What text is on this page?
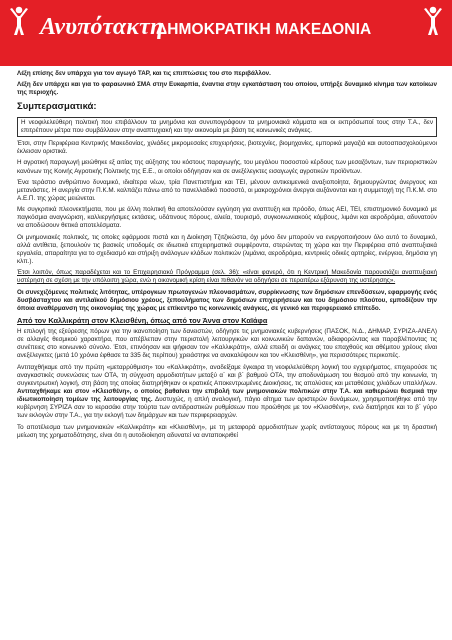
Ανυπότακτη
ΔΗΜΟΚΡΑΤΙΚΗ ΜΑΚΕΔΟΝΙΑ

Λέξη επίσης δεν υπάρχει για τον αγωγό TAP, και τις επιπτώσεις του στο περιβάλλον.

Λέξη δεν υπάρχει και για το φαραωνικό ΣΜΑ στην Ευκαρπία, έναντια στην εγκατάσταση του οποίου, υπήρξε δυναμικό κίνημα των κατοίκων της περιοχής.

Συμπερασματικά:

Η νεοφιλελεύθερη πολιτική που επιβάλλουν τα μνημόνια και συνυπογράφουν τα μνημονιακά κόμματα και οι εκπρόσωποί τους στην Τ.Α., δεν επιτρέπουν μέτρα που συμβάλλουν στην αναπτυχιακή και την οικονομία με βάση τις κοινωνικές ανάγκες.

Έτσι, στην Περιφέρεια Κεντρικής Μακεδονίας, χιλιάδες μικρομεσαίες επιχειρήσεις, βιοτεχνίες, βιομηχανίες, εμπορικά μαγαζιά και αυτοαπασχολούμενοι έκλεισαν οριστικά.

Η αγροτική παραγωγή μειώθηκε εξ αιτίας της αύξησης του κόστους παραγωγής, του μεγάλου ποσοστού κέρδους των μεσαζόντων, των περιοριστικών κανόνων της Κοινής Αγροτικής Πολιτικής της Ε.Ε., οι οποίοι οδήγησαν και σε ανεξέλεγκτες εισαγωγές αγροτικών προϊόντων.

Ένα τεράστιο ανθρώπινο δυναμικό, ιδιαίτερα νέων, τρία Πανεπιστήμια και ΤΕΙ, μένουν αντικειμενικά αναξιοποίητα, δημιουργώντας άνεργους και μετανάστες. Η ανεργία στην Π.Κ.Μ. καλπάζει πάνω από το πανελλαδικό ποσοστό, οι μακροχρόνιοι άνεργοι αυξάνονται και η συμμετοχή της Π.Κ.Μ. στο Α.Ε.Π. της χώρας μειώνεται.

Με συγκριτικά πλεονεκτήματα, που με άλλη πολιτική θα αποτελούσαν εγγύηση για αναπτυξη και πρόοδο, όπως ΑΕΙ, ΤΕΙ, επιστημονικό δυναμικό με παγκόσμια αναγνώριση, καλλιεργήσιμες εκτάσεις, υδάτινους πόρους, αλιεία, τουρισμό, συγκοινωνιακούς κόμβους, λιμάνι και αεροδρόμια, αδυνατούν να αποδώσουν θετικά αποτελέσματα.

Οι μνημονιακές πολιτικές, τις οποίες εφάρμοσε πιστά και η Διοίκηση Τζιτζικώστα, όχι μόνο δεν μπορούν να ενεργοποιήσουν όλο αυτό το δυναμικό, αλλά αντίθετα, ξεπουλούν τις βασικές υποδομές σε ιδιωτικά επιχειρηματικά συμφέροντα, στερώντας τη χώρα και την Περιφέρεια από αναπτυξιακά εργαλεία, απαραίτητα για το σχεδιασμό και στήριξη ανάλογων κλάδων πολιτικών (λιμάνια, αεροδρόμια, κεντρικές οδικές αρτηρίες, ενέργεια, δημόσια γη κλπ.).

Έτσι λοιπόν, όπως παραδέχεται και το Επιχειρησιακό Πρόγραμμα (σελ. 36): «είναι φανερό, ότι η Κεντρική Μακεδονία παρουσιάζει αναπτυξιακή υστέρηση σε σχέση με την υπόλοιπη χώρα, ενώ η οικονομική κρίση είναι πιθανόν να οδηγήσει σε περαιτέρω εξάρυνση της υστέρησης».

Οι συνεχιζόμενες πολιτικές λιτότητας, υπέρογκων πρωτογενών πλεονασμάτων, συρρίκνωσης των δημόσιων επενδύσεων, εφαρμογής ενός δυσβάσταχτου και αντιλαϊκού δημόσιου χρέους, ξεπουλήματος των δημόσιων επιχειρήσεων και του δημόσιου πλούτου, εμποδίζουν την όποια αναθέρμανση της οικονομίας της χώρας με επίκεντρο τις κοινωνικές ανάγκες, σε γενικό και περιφερειακό επίπεδο.

Από τον Καλλικράτη στον Κλεισθένη, όπως από τον Άννα στον Καϊάφα

Η επιλογή της εξεύρεσης πόρων για την ικανοποίηση των δανειστών, οδήγησε τις μνημονιακές κυβερνήσεις (ΠΑΣΟΚ, Ν.Δ., ΔΗΜΑΡ, ΣΥΡΙΖΑ-ΑΝΕΛ) σε αλλαγές θεσμικού χαρακτήρα, που απέβλεπαν στην περιστολή λειτουργικών και κοινωνικών δαπανών, αδιαφορώντας και παραβλέποντας τις συνέπειες στο κοινωνικό σύνολο. Έτσι, επινόησαν και ψήφισαν τον «Καλλικράτη», αλλά επειδή οι ανάγκες του επαχθούς και αθέμιτου χρέους είναι ανεξέλεγκτες (μετά 10 χρόνια έφθασε τα 335 δις περίπου) χρειάστηκε να ανακαλύψουν και τον «Κλεισθένη», για περισσότερες περικοπές.

Αντιταχθήκαμε από την πρώτη «μεταρρύθμιση» του «Καλλικράτη», αναδείξαμε έγκαιρα τη νεοφιλελεύθερη λογική του εγχειρήματος, επιχειρούσε τις αναγκαστικές συνενώσεις των ΟΤΑ, τη σύγχυση αρμοδιοτήτων μεταξύ α΄ και β΄ βαθμού ΟΤΑ, την αποδυνάμωση του θεσμού από την κοινωνία, τη συγκεντρωτική λογική, στη βάση της οποίας διατηρήθηκαν οι κρατικές Αποκεντρωμένες Διοικήσεις, τις απολύσεις και μεταθέσεις χιλιάδων υπαλλήλων. Αντιταχθήκαμε και στον «Κλεισθένη», ο οποίος βαθαίνει την επιβολή των μνημονιακών πολιτικών στην Τ.Α. και καθιερώνει θεσμικά την ιδιωτικοποίηση τομέων της λειτουργίας της. Δυστυχώς, η απλή αναλογική, πάγιο αίτημα των αριστερών δυνάμεων, χρησιμοποιήθηκε από την κυβέρνηση ΣΥΡΙΖΑ σαν το κερασάκι στην τούρτα των αντιδραστικών ρυθμίσεων που προώθησε με τον «Κλεισθένη», ενώ διατήρησε και το β΄ γύρο των εκλογών στην Τ.Α., για την εκλογή των δημάρχων και των περιφερειαρχών.

Το αποτέλεσμα των μνημονιακών «Καλλικράτη» και «Κλεισθένη», με τη μεταφορά αρμοδιοτήτων χωρίς αντίστοιχους πόρους και με τη δραστική μείωση της χρηματοδότησης, είναι ότι η αυτοδιοίκηση αδυνατεί να ανταποκριθεί
